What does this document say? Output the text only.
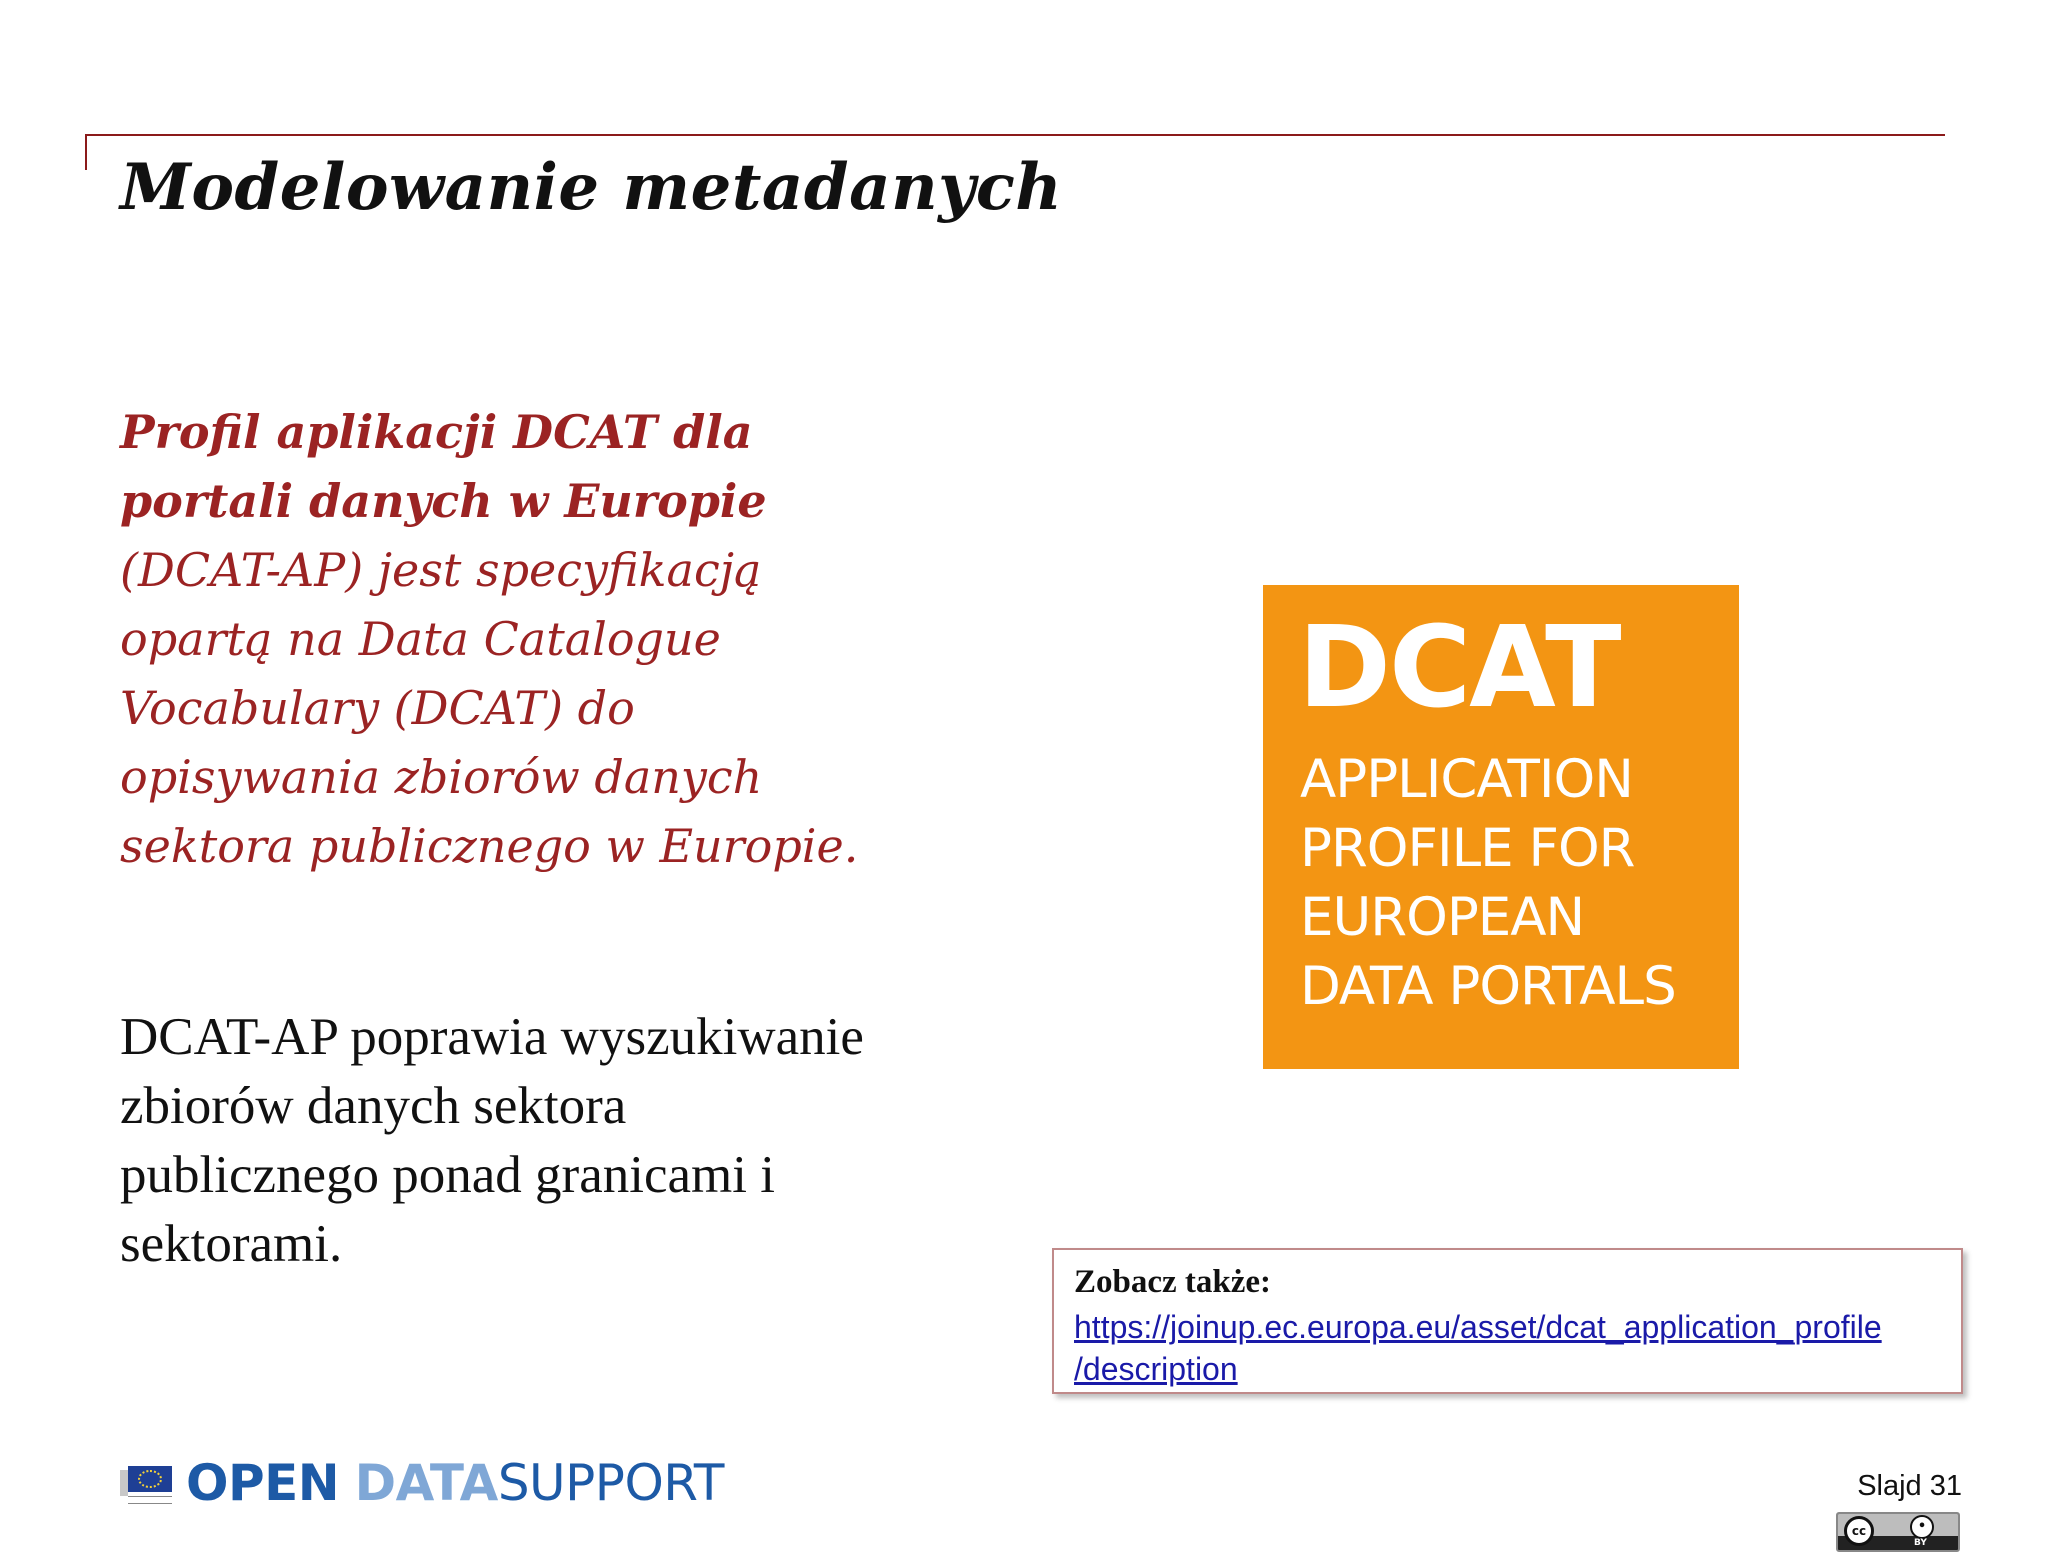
Modelowanie metadanych
Profil aplikacji DCAT dla
portali danych w Europie
(DCAT-AP) jest specyfikacją
opartą na Data Catalogue
Vocabulary (DCAT) do
opisywania zbiorów danych
sektora publicznego w Europie.
DCAT-AP poprawia wyszukiwanie
zbiorów danych sektora
publicznego ponad granicami i
sektorami.
DCAT
APPLICATION
PROFILE FOR
EUROPEAN
DATA PORTALS
Zobacz także:
https://joinup.ec.europa.eu/asset/dcat_application_profile
/description
OPEN DATASUPPORT	Slajd 31
cc	•
BY
